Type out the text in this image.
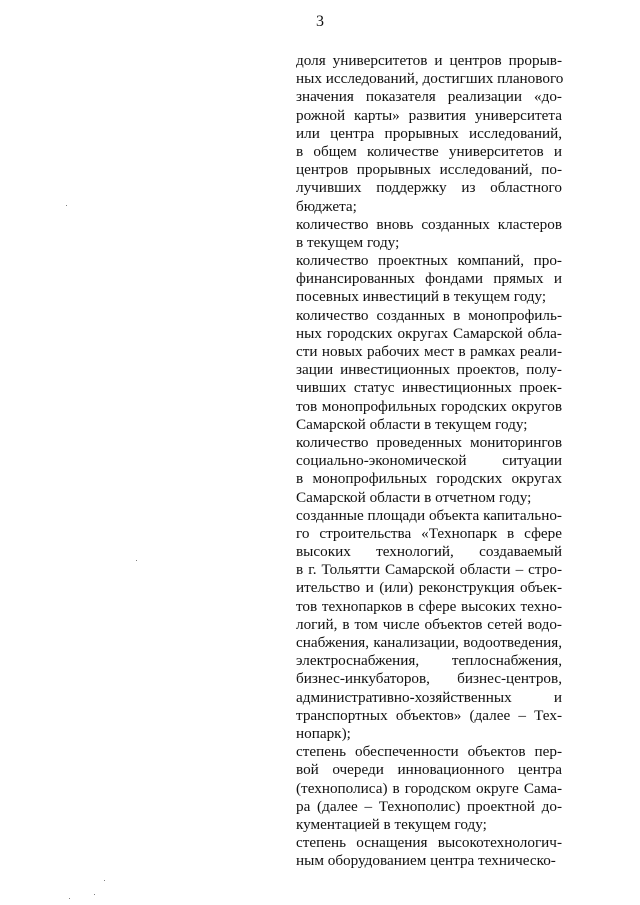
3
доля университетов и центров прорыв-
ных исследований, достигших планового
значения показателя реализации «до-
рожной карты» развития университета
или центра прорывных исследований,
в общем количестве университетов и
центров прорывных исследований, по-
лучивших поддержку из областного
бюджета;
количество вновь созданных кластеров
в текущем году;
количество проектных компаний, про-
финансированных фондами прямых и
посевных инвестиций в текущем году;
количество созданных в монопрофиль-
ных городских округах Самарской обла-
сти новых рабочих мест в рамках реали-
зации инвестиционных проектов, полу-
чивших статус инвестиционных проек-
тов монопрофильных городских округов
Самарской области в текущем году;
количество проведенных мониторингов
социально-экономической ситуации
в монопрофильных городских округах
Самарской области в отчетном году;
созданные площади объекта капитально-
го строительства «Технопарк в сфере
высоких технологий, создаваемый
в г. Тольятти Самарской области – стро-
ительство и (или) реконструкция объек-
тов технопарков в сфере высоких техно-
логий, в том числе объектов сетей водо-
снабжения, канализации, водоотведения,
электроснабжения, теплоснабжения,
бизнес-инкубаторов, бизнес-центров,
административно-хозяйственных и
транспортных объектов» (далее – Тех-
нопарк);
степень обеспеченности объектов пер-
вой очереди инновационного центра
(технополиса) в городском округе Сама-
ра (далее – Технополис) проектной до-
кументацией в текущем году;
степень оснащения высокотехнологич-
ным оборудованием центра техническо-
